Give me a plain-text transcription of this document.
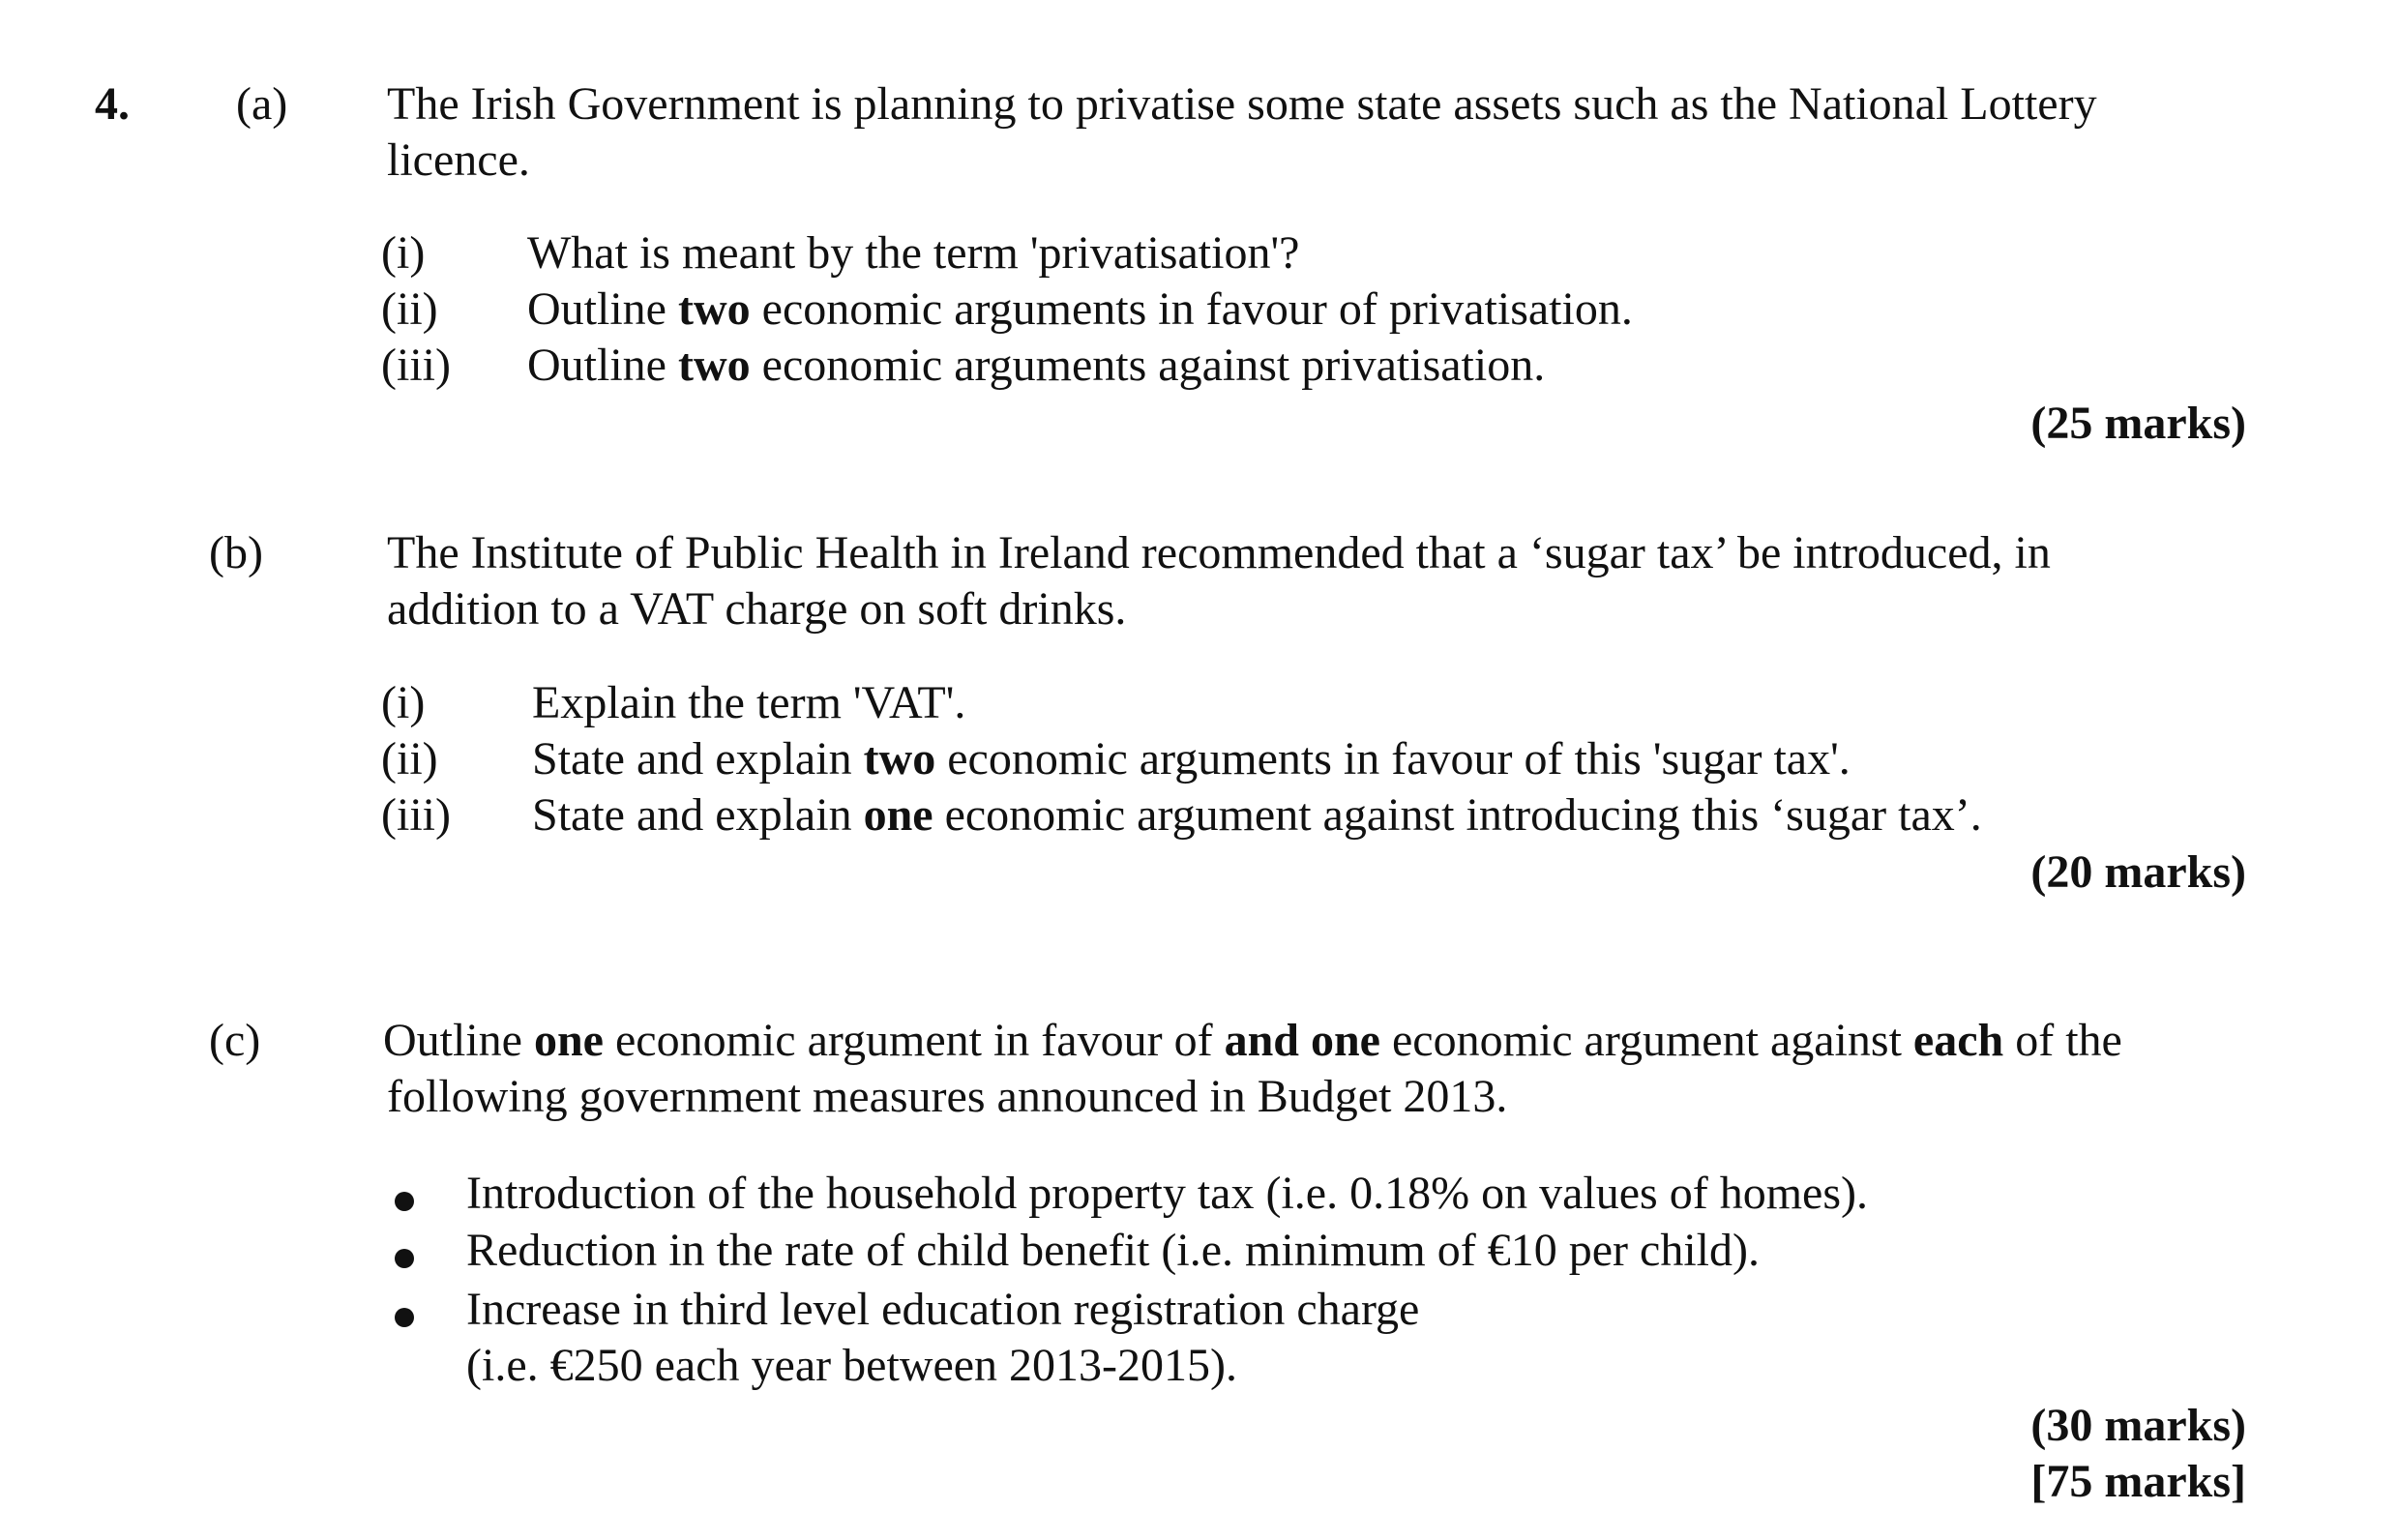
4. (a) The Irish Government is planning to privatise some state assets such as the National Lottery
licence.
(i) What is meant by the term 'privatisation'?
(ii) Outline two economic arguments in favour of privatisation.
(iii) Outline two economic arguments against privatisation.
(25 marks)
(b)	The Institute of Public Health in Ireland recommended that a ‘sugar tax’ be introduced, in
addition to a VAT charge on soft drinks.
(i) Explain the term 'VAT'.
(ii) State and explain two economic arguments in favour of this 'sugar tax'.
(iii) State and explain one economic argument against introducing this ‘sugar tax’.
(20 marks)
(c)	Outline one economic argument in favour of and one economic argument against each of the
following government measures announced in Budget 2013.
Introduction of the household property tax (i.e. 0.18% on values of homes).
Reduction in the rate of child benefit (i.e. minimum of €10 per child).
Increase in third level education registration charge
(i.e. €250 each year between 2013-2015).
(30 marks)
[75 marks]
